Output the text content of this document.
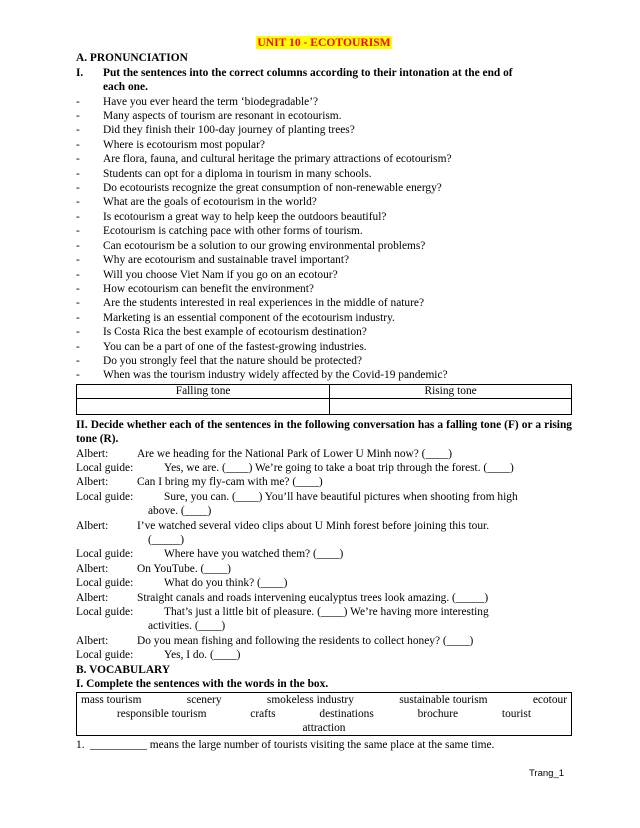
UNIT 10 - ECOTOURISM
A. PRONUNCIATION
I.	Put the sentences into the correct columns according to their intonation at the end of
each one.
-	Have you ever heard the term ‘biodegradable’?
-	Many aspects of tourism are resonant in ecotourism.
-	Did they finish their 100-day journey of planting trees?
-	Where is ecotourism most popular?
-	Are flora, fauna, and cultural heritage the primary attractions of ecotourism?
-	Students can opt for a diploma in tourism in many schools.
-	Do ecotourists recognize the great consumption of non-renewable energy?
-	What are the goals of ecotourism in the world?
-	Is ecotourism a great way to help keep the outdoors beautiful?
-	Ecotourism is catching pace with other forms of tourism.
-	Can ecotourism be a solution to our growing environmental problems?
-	Why are ecotourism and sustainable travel important?
-	Will you choose Viet Nam if you go on an ecotour?
-	How ecotourism can benefit the environment?
-	Are the students interested in real experiences in the middle of nature?
-	Marketing is an essential component of the ecotourism industry.
-	Is Costa Rica the best example of ecotourism destination?
-	You can be a part of one of the fastest-growing industries.
-	Do you strongly feel that the nature should be protected?
-	When was the tourism industry widely affected by the Covid-19 pandemic?
Falling tone	Rising tone

II. Decide whether each of the sentences in the following conversation has a falling tone (F) or a rising tone (R).
Albert:	Are we heading for the National Park of Lower U Minh now? (____)
Local guide:	Yes, we are. (____) We’re going to take a boat trip through the forest. (____)
Albert:	Can I bring my fly-cam with me? (____)
Local guide:	Sure, you can. (____) You’ll have beautiful pictures when shooting from high
above. (____)
Albert:	I’ve watched several video clips about U Minh forest before joining this tour.
(_____)
Local guide:	Where have you watched them? (____)
Albert:	On YouTube. (____)
Local guide:	What do you think? (____)
Albert:	Straight canals and roads intervening eucalyptus trees look amazing. (_____)
Local guide:	That’s just a little bit of pleasure. (____) We’re having more interesting
activities. (____)
Albert:	Do you mean fishing and following the residents to collect honey? (____)
Local guide:	Yes, I do. (____)
B. VOCABULARY
I. Complete the sentences with the words in the box.
mass tourism	scenery	smokeless industry	sustainable tourism	ecotour
responsible tourism	crafts	destinations	brochure	tourist
attraction
1. __________ means the large number of tourists visiting the same place at the same time.
Trang_1
